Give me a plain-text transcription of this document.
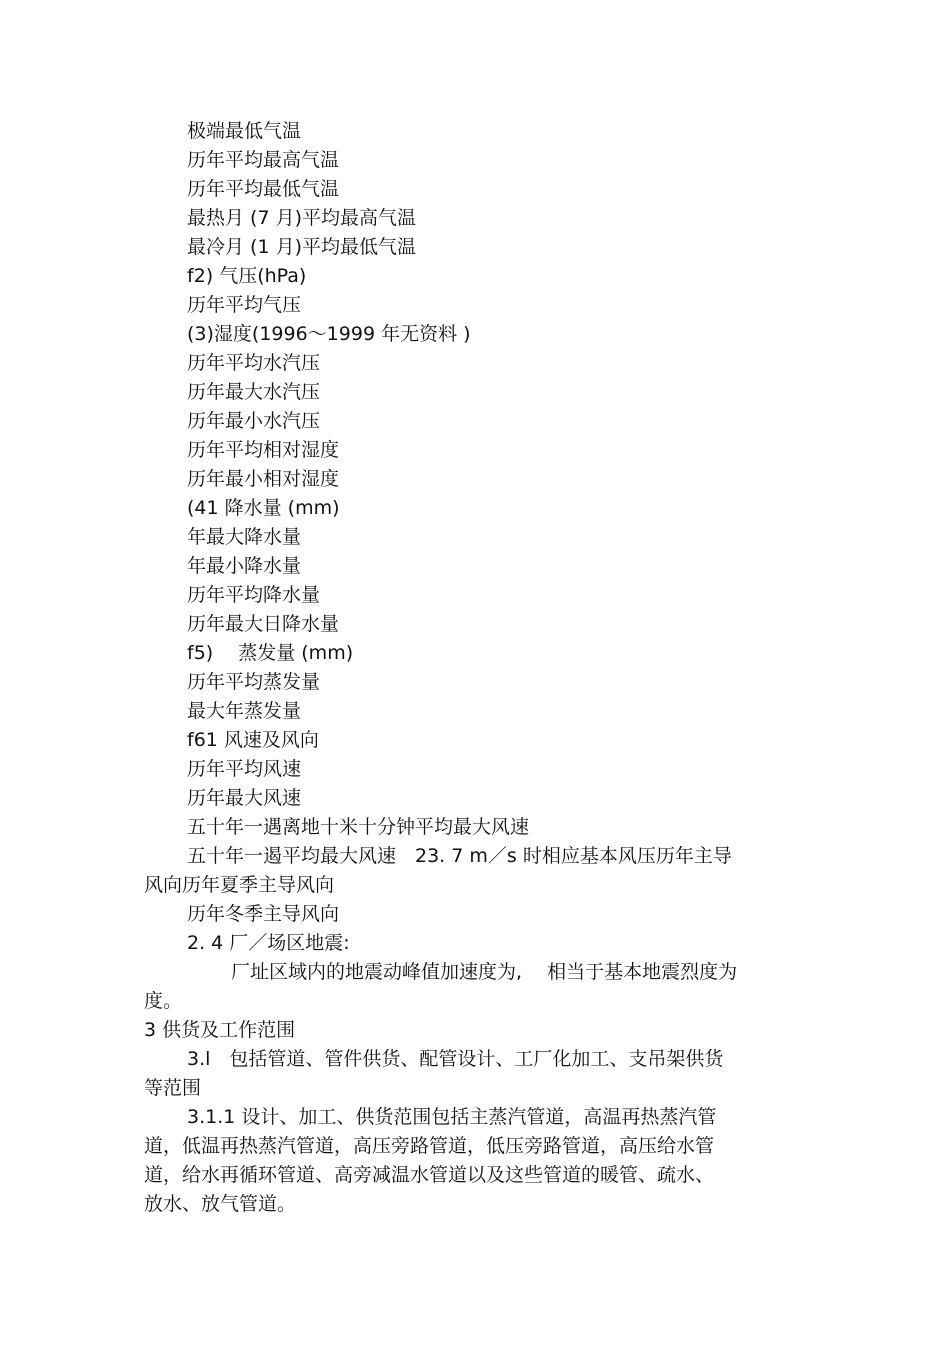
极端最低气温
历年平均最高气温
历年平均最低气温
最热月 (7 月)平均最高气温
最冷月 (1 月)平均最低气温
f2) 气压(hPa)
历年平均气压
(3)湿度(1996～1999 年无资料 )
历年平均水汽压
历年最大水汽压
历年最小水汽压
历年平均相对湿度
历年最小相对湿度
(41 降水量 (mm)
年最大降水量
年最小降水量
历年平均降水量
历年最大日降水量
f5)　 蒸发量 (mm)
历年平均蒸发量
最大年蒸发量
f61 风速及风向
历年平均风速
历年最大风速
五十年一遇离地十米十分钟平均最大风速
五十年一遏平均最大风速　23. 7 m／s 时相应基本风压历年主导
风向历年夏季主导风向
历年冬季主导风向
2. 4 厂／场区地震:
厂址区域内的地震动峰值加速度为,　 相当于基本地震烈度为
度。
3 供货及工作范围
3.l　包括管道、管件供货、配管设计、工厂化加工、支吊架供货
等范围
3.1.1 设计、加工、供货范围包括主蒸汽管道，高温再热蒸汽管
道，低温再热蒸汽管道，高压旁路管道，低压旁路管道，高压给水管
道，给水再循环管道、高旁减温水管道以及这些管道的暖管、疏水、
放水、放气管道。
